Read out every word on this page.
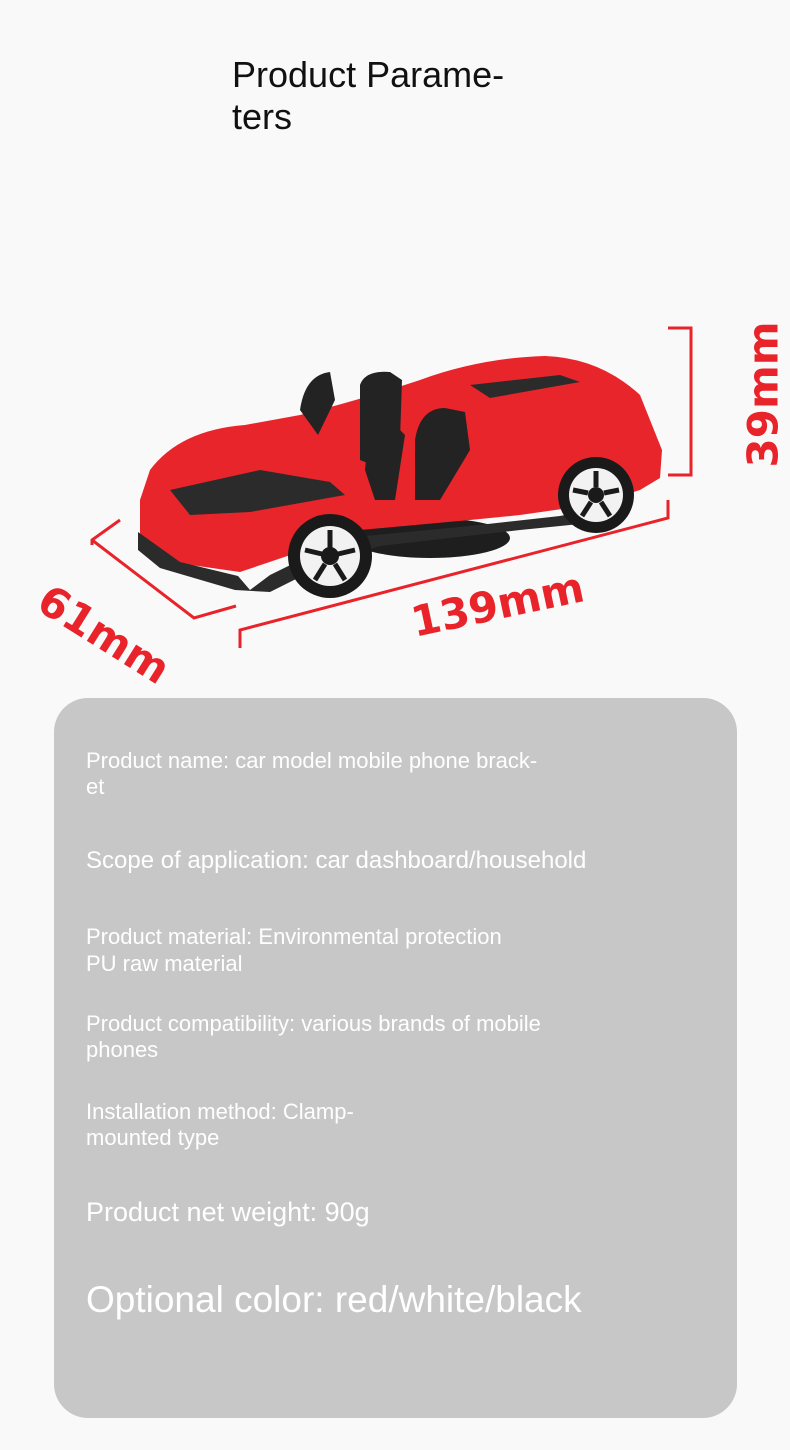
Product Parame-
ters
39mm
139mm
61mm
Product name: car model mobile phone brack-
et
Scope of application: car dashboard/household
Product material: Environmental protection
PU raw material
Product compatibility: various brands of mobile
phones
Installation method: Clamp-
mounted type
Product net weight: 90g
Optional color: red/white/black
